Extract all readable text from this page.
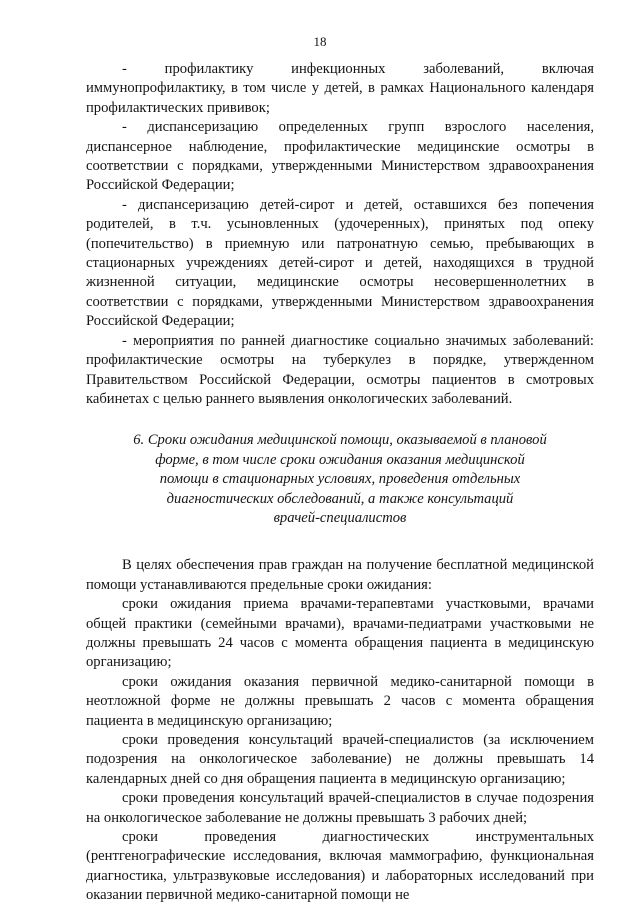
18

- профилактику инфекционных заболеваний, включая иммунопрофилактику, в том числе у детей, в рамках Национального календаря профилактических прививок;

- диспансеризацию определенных групп взрослого населения, диспансерное наблюдение, профилактические медицинские осмотры в соответствии с порядками, утвержденными Министерством здравоохранения Российской Федерации;

- диспансеризацию детей-сирот и детей, оставшихся без попечения родителей, в т.ч. усыновленных (удочеренных), принятых под опеку (попечительство) в приемную или патронатную семью, пребывающих в стационарных учреждениях детей-сирот и детей, находящихся в трудной жизненной ситуации, медицинские осмотры несовершеннолетних в соответствии с порядками, утвержденными Министерством здравоохранения Российской Федерации;

- мероприятия по ранней диагностике социально значимых заболеваний: профилактические осмотры на туберкулез в порядке, утвержденном Правительством Российской Федерации, осмотры пациентов в смотровых кабинетах с целью раннего выявления онкологических заболеваний.

6. Сроки ожидания медицинской помощи, оказываемой в плановой
форме, в том числе сроки ожидания оказания медицинской
помощи в стационарных условиях, проведения отдельных
диагностических обследований, а также консультаций
врачей-специалистов

В целях обеспечения прав граждан на получение бесплатной медицинской помощи устанавливаются предельные сроки ожидания:

сроки ожидания приема врачами-терапевтами участковыми, врачами общей практики (семейными врачами), врачами-педиатрами участковыми не должны превышать 24 часов с момента обращения пациента в медицинскую организацию;

сроки ожидания оказания первичной медико-санитарной помощи в неотложной форме не должны превышать 2 часов с момента обращения пациента в медицинскую организацию;

сроки проведения консультаций врачей-специалистов (за исключением подозрения на онкологическое заболевание) не должны превышать 14 календарных дней со дня обращения пациента в медицинскую организацию;

сроки проведения консультаций врачей-специалистов в случае подозрения на онкологическое заболевание не должны превышать 3 рабочих дней;

сроки проведения диагностических инструментальных (рентгенографические исследования, включая маммографию, функциональная диагностика, ультразвуковые исследования) и лабораторных исследований при оказании первичной медико-санитарной помощи не
